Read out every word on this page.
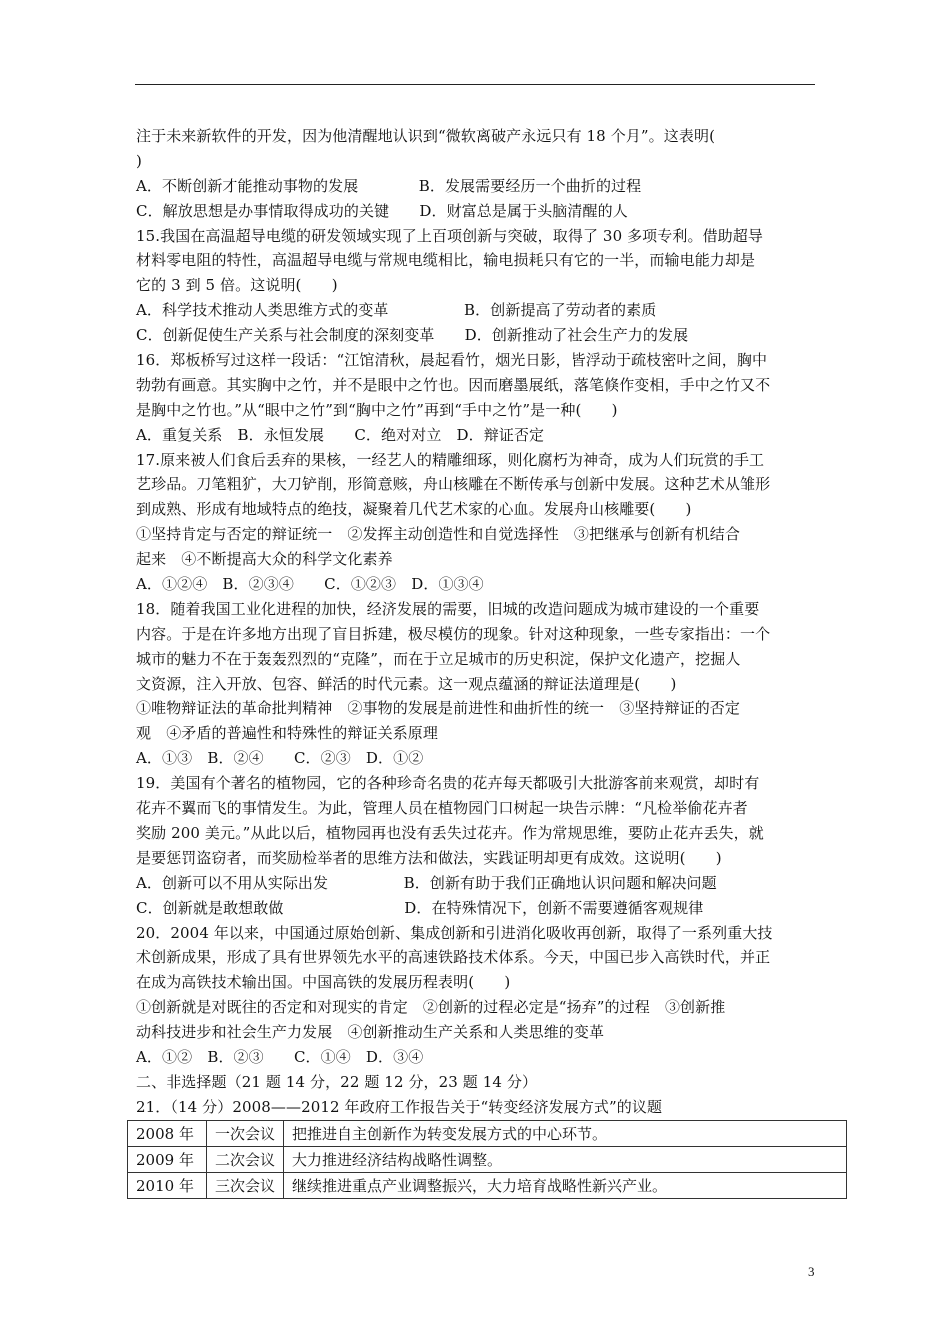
注于未来新软件的开发，因为他清醒地认识到“微软离破产永远只有 18 个月”。这表明(
)
A．不断创新才能推动事物的发展　　　　B．发展需要经历一个曲折的过程
C．解放思想是办事情取得成功的关键　　D．财富总是属于头脑清醒的人
15.我国在高温超导电缆的研发领域实现了上百项创新与突破，取得了 30 多项专利。借助超导
材料零电阻的特性，高温超导电缆与常规电缆相比，输电损耗只有它的一半，而输电能力却是
它的 3 到 5 倍。这说明(　　)
A．科学技术推动人类思维方式的变革　　　　　B．创新提高了劳动者的素质
C．创新促使生产关系与社会制度的深刻变革　　D．创新推动了社会生产力的发展
16．郑板桥写过这样一段话：“江馆清秋，晨起看竹，烟光日影，皆浮动于疏枝密叶之间，胸中
勃勃有画意。其实胸中之竹，并不是眼中之竹也。因而磨墨展纸，落笔倏作变相，手中之竹又不
是胸中之竹也。”从“眼中之竹”到“胸中之竹”再到“手中之竹”是一种(　　)
A．重复关系　B．永恒发展　　C．绝对对立　D．辩证否定
17.原来被人们食后丢弃的果核，一经艺人的精雕细琢，则化腐朽为神奇，成为人们玩赏的手工
艺珍品。刀笔粗犷，大刀铲削，形简意赅，舟山核雕在不断传承与创新中发展。这种艺术从雏形
到成熟、形成有地域特点的绝技，凝聚着几代艺术家的心血。发展舟山核雕要(　　)
①坚持肯定与否定的辩证统一　②发挥主动创造性和自觉选择性　③把继承与创新有机结合
起来　④不断提高大众的科学文化素养
A．①②④　B．②③④　　C．①②③　D．①③④
18．随着我国工业化进程的加快，经济发展的需要，旧城的改造问题成为城市建设的一个重要
内容。于是在许多地方出现了盲目拆建，极尽模仿的现象。针对这种现象，一些专家指出：一个
城市的魅力不在于轰轰烈烈的“克隆”，而在于立足城市的历史积淀，保护文化遗产，挖掘人
文资源，注入开放、包容、鲜活的时代元素。这一观点蕴涵的辩证法道理是(　　)
①唯物辩证法的革命批判精神　②事物的发展是前进性和曲折性的统一　③坚持辩证的否定
观　④矛盾的普遍性和特殊性的辩证关系原理
A．①③　B．②④　　C．②③　D．①②
19．美国有个著名的植物园，它的各种珍奇名贵的花卉每天都吸引大批游客前来观赏，却时有
花卉不翼而飞的事情发生。为此，管理人员在植物园门口树起一块告示牌：“凡检举偷花卉者
奖励 200 美元。”从此以后，植物园再也没有丢失过花卉。作为常规思维，要防止花卉丢失，就
是要惩罚盗窃者，而奖励检举者的思维方法和做法，实践证明却更有成效。这说明(　　)
A．创新可以不用从实际出发　　　　　B．创新有助于我们正确地认识问题和解决问题
C．创新就是敢想敢做　　　　　　　　D．在特殊情况下，创新不需要遵循客观规律
20．2004 年以来，中国通过原始创新、集成创新和引进消化吸收再创新，取得了一系列重大技
术创新成果，形成了具有世界领先水平的高速铁路技术体系。今天，中国已步入高铁时代，并正
在成为高铁技术输出国。中国高铁的发展历程表明(　　)
①创新就是对既往的否定和对现实的肯定　②创新的过程必定是“扬弃”的过程　③创新推
动科技进步和社会生产力发展　④创新推动生产关系和人类思维的变革
A．①②　B．②③　　C．①④　D．③④
二、非选择题（21 题 14 分，22 题 12 分，23 题 14 分）
21．（14 分）2008——2012 年政府工作报告关于“转变经济发展方式”的议题
2008 年	一次会议	把推进自主创新作为转变发展方式的中心环节。
2009 年	二次会议	大力推进经济结构战略性调整。
2010 年	三次会议	继续推进重点产业调整振兴，大力培育战略性新兴产业。
3
